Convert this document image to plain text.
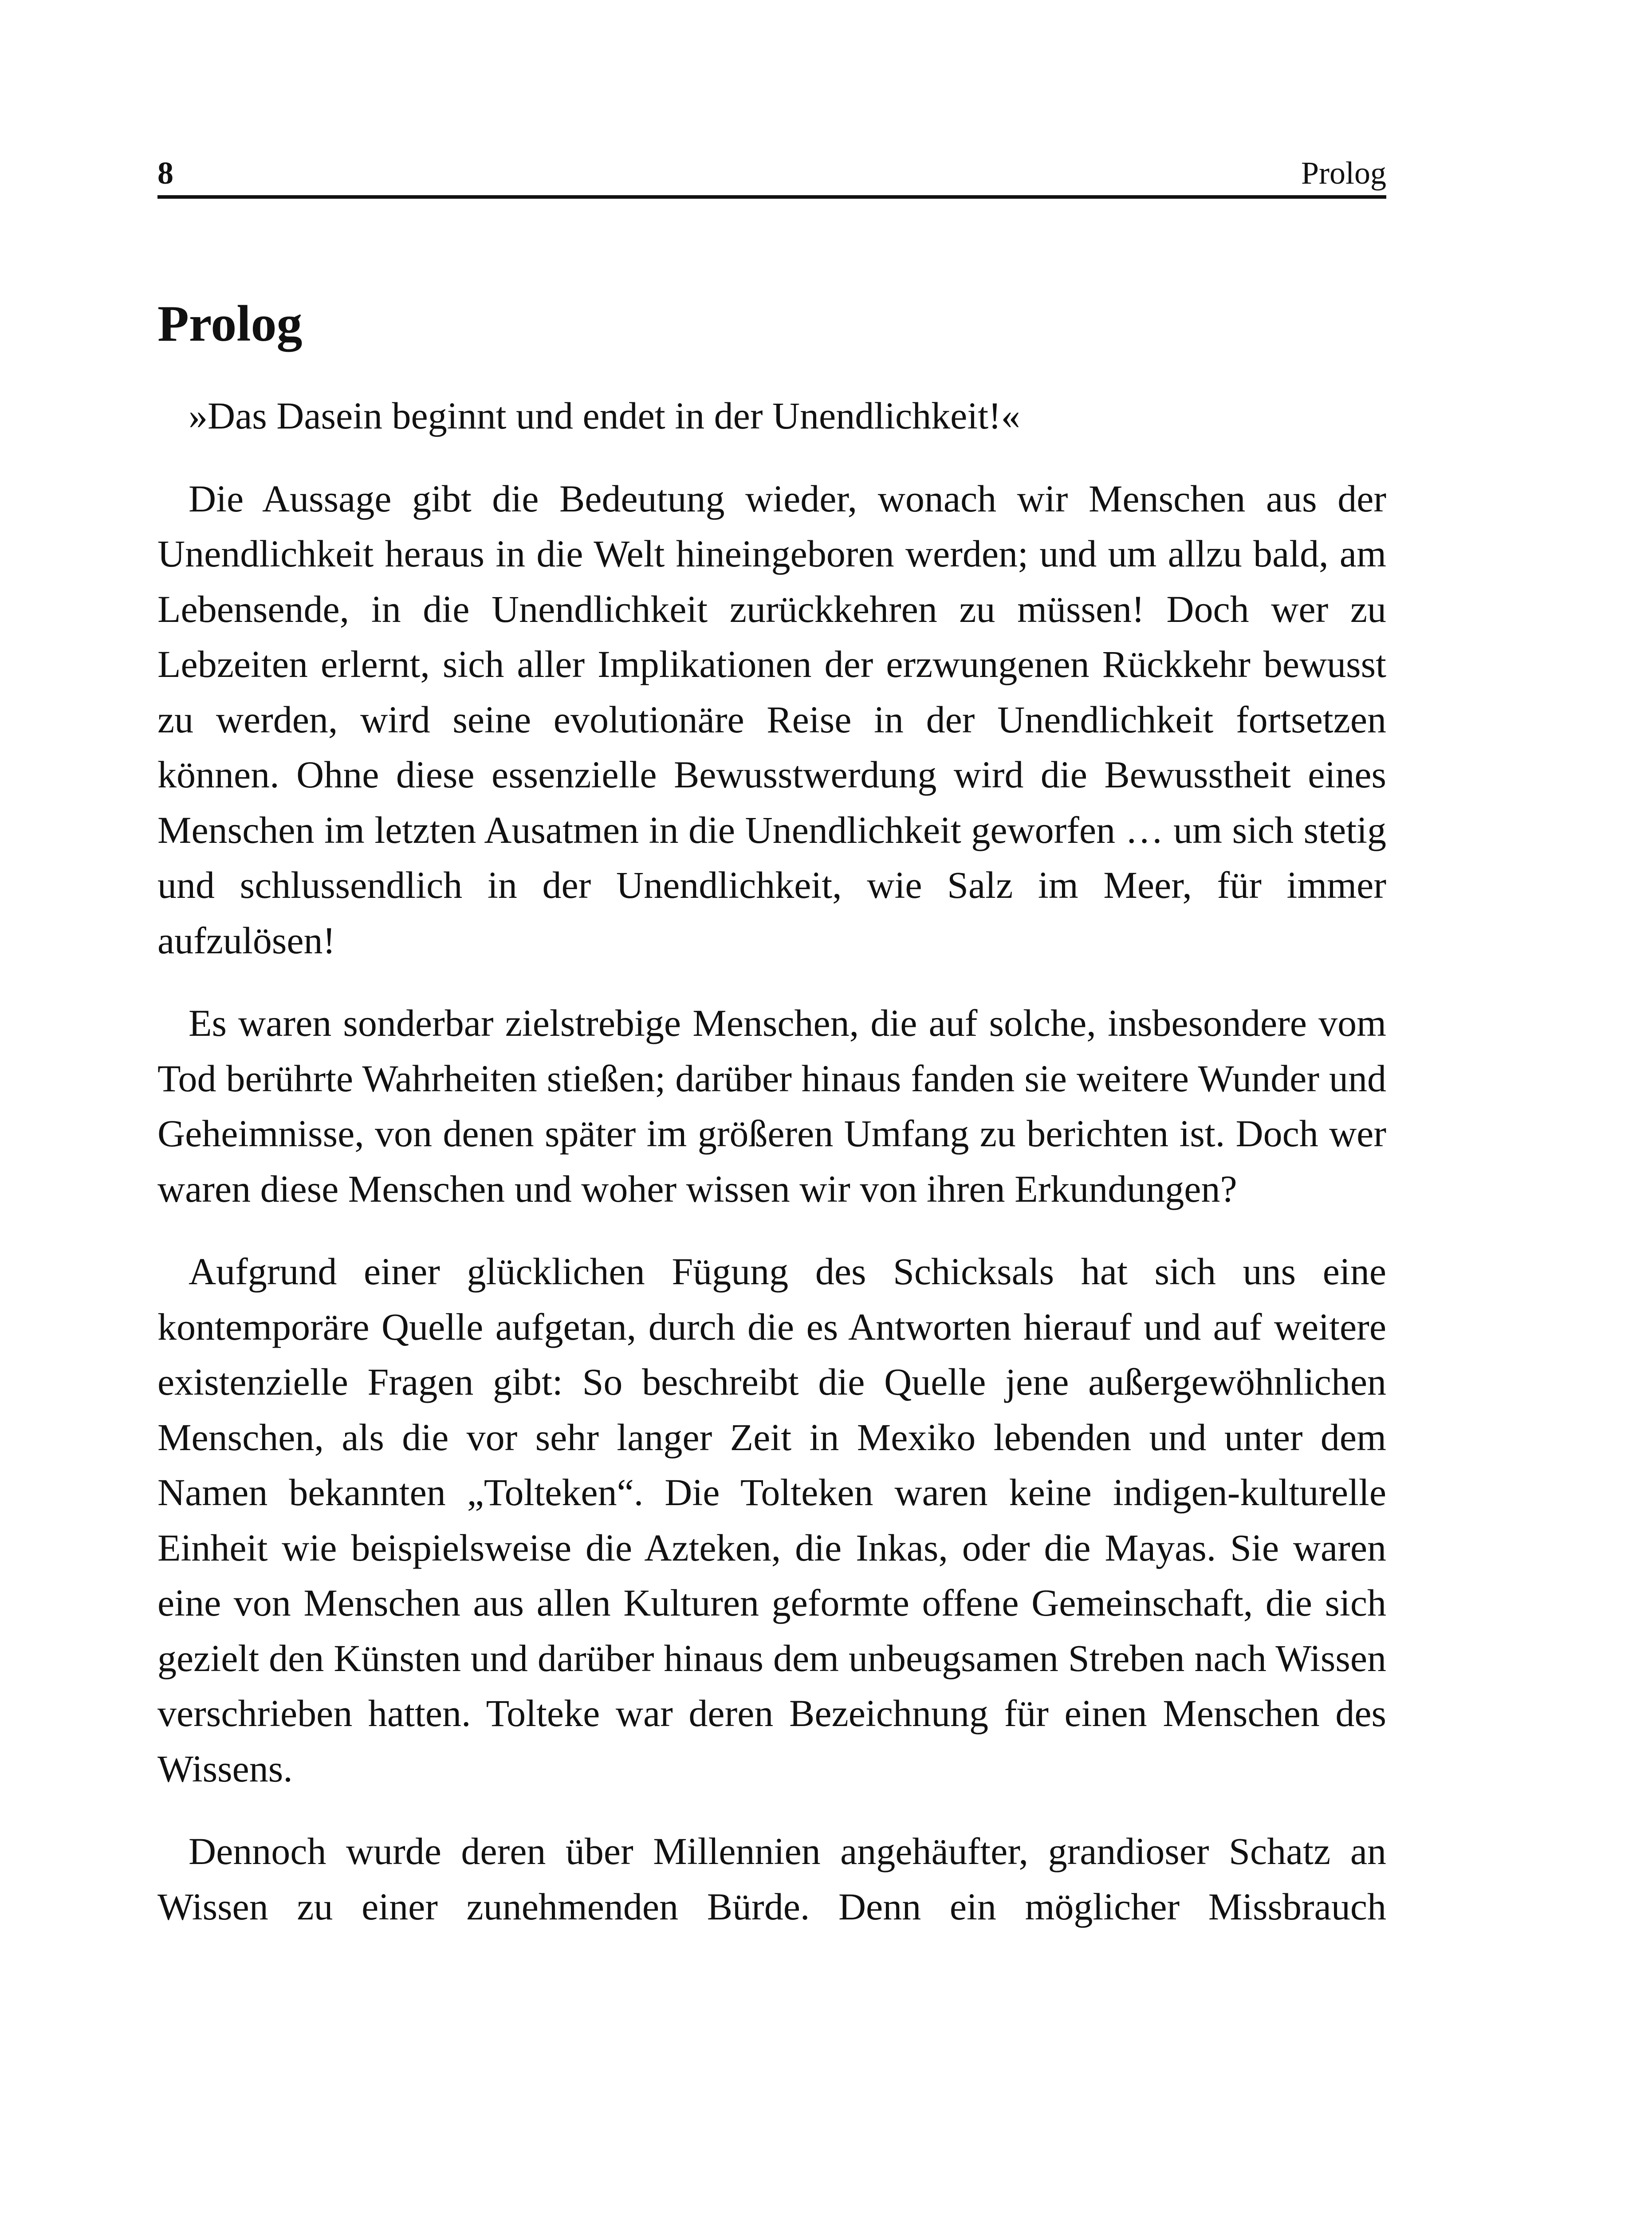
8	Prolog
Prolog

»Das Dasein beginnt und endet in der Unendlichkeit!«

Die Aussage gibt die Bedeutung wieder, wonach wir Menschen aus der Unendlichkeit heraus in die Welt hineingeboren werden; und um allzu bald, am Lebensende, in die Unendlichkeit zurückkehren zu müssen! Doch wer zu Lebzeiten erlernt, sich aller Implikationen der erzwungenen Rückkehr bewusst zu werden, wird seine evolutionäre Reise in der Unendlichkeit fortsetzen können. Ohne diese essenzielle Bewusstwerdung wird die Bewusstheit eines Menschen im letzten Ausatmen in die Unendlichkeit geworfen … um sich stetig und schlussendlich in der Unendlichkeit, wie Salz im Meer, für immer aufzulösen!

Es waren sonderbar zielstrebige Menschen, die auf solche, insbesondere vom Tod berührte Wahrheiten stießen; darüber hinaus fanden sie weitere Wunder und Geheimnisse, von denen später im größeren Umfang zu berichten ist. Doch wer waren diese Menschen und woher wissen wir von ihren Erkundungen?

Aufgrund einer glücklichen Fügung des Schicksals hat sich uns eine kontemporäre Quelle aufgetan, durch die es Antworten hierauf und auf weitere existenzielle Fragen gibt: So beschreibt die Quelle jene außergewöhnlichen Menschen, als die vor sehr langer Zeit in Mexiko lebenden und unter dem Namen bekannten „Tolteken“. Die Tolteken waren keine indigen-kulturelle Einheit wie beispielsweise die Azteken, die Inkas, oder die Mayas. Sie waren eine von Menschen aus allen Kulturen geformte offene Gemeinschaft, die sich gezielt den Künsten und darüber hinaus dem unbeugsamen Streben nach Wissen verschrieben hatten. Tolteke war deren Bezeichnung für einen Menschen des Wissens.

Dennoch wurde deren über Millennien angehäufter, grandioser Schatz an Wissen zu einer zunehmenden Bürde. Denn ein möglicher Missbrauch
